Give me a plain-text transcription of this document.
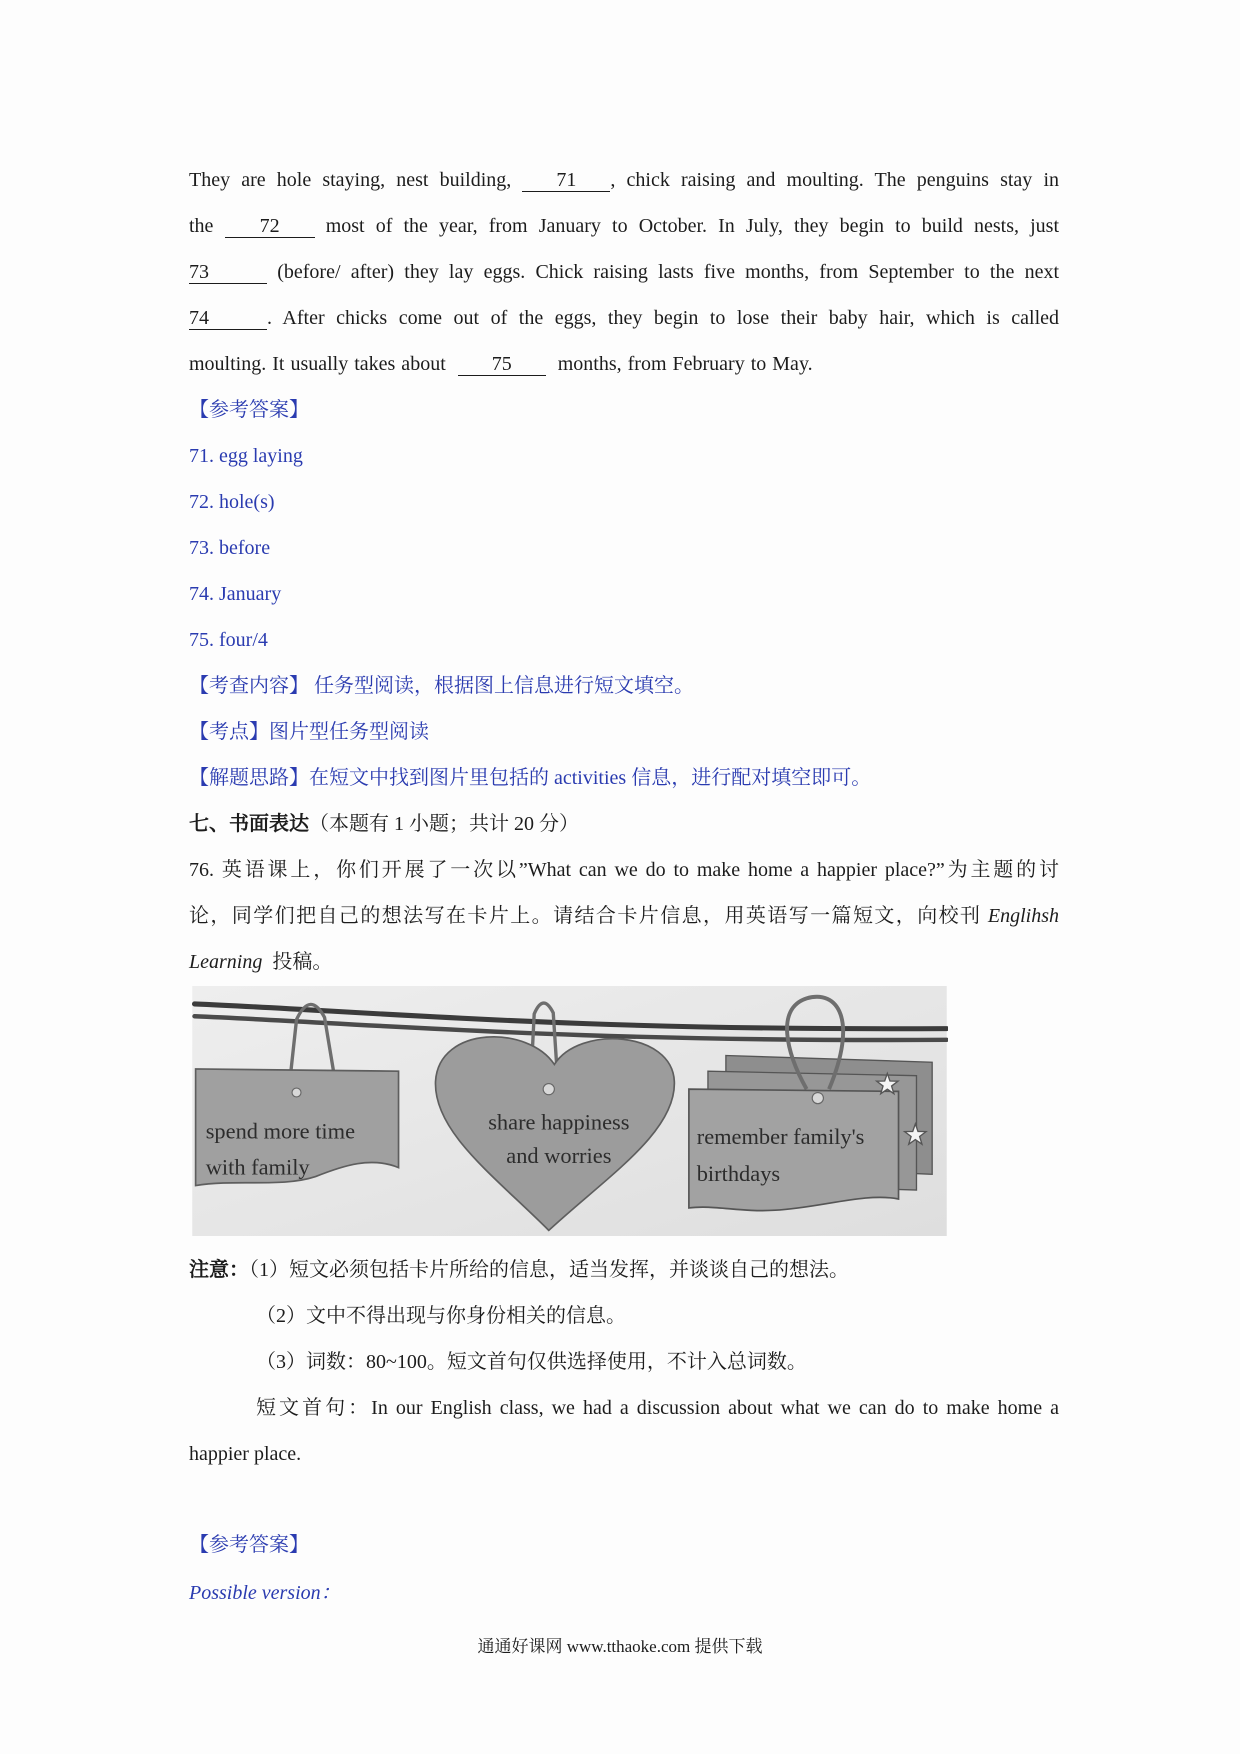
They are hole staying, nest building, 71 , chick raising and moulting. The penguins stay in
the 72 most of the year, from January to October. In July, they begin to build nests, just
73	(before/ after) they lay eggs. Chick raising lasts five months, from September to the next
74	. After chicks come out of the eggs, they begin to lose their baby hair, which is called
moulting. It usually takes about 75 months, from February to May.
【参考答案】
71. egg laying
72. hole(s)
73. before
74. January
75. four/4
【考查内容】 任务型阅读，根据图上信息进行短文填空。
【考点】图片型任务型阅读
【解题思路】在短文中找到图片里包括的 activities 信息，进行配对填空即可。
七、书面表达（本题有 1 小题；共计 20 分）
76. 英语课上，你们开展了一次以”What can we do to make home a happier place?”为主题的讨
论，同学们把自己的想法写在卡片上。请结合卡片信息，用英语写一篇短文，向校刊 Englihsh
Learning 投稿。
spend more time
with family
share happiness
and worries
remember family's
birthdays
注意：（1）短文必须包括卡片所给的信息，适当发挥，并谈谈自己的想法。
（2）文中不得出现与你身份相关的信息。
（3）词数：80~100。短文首句仅供选择使用，不计入总词数。
短文首句：In our English class, we had a discussion about what we can do to make home a
happier place.
【参考答案】
Possible version：
通通好课网 www.tthaoke.com 提供下载
